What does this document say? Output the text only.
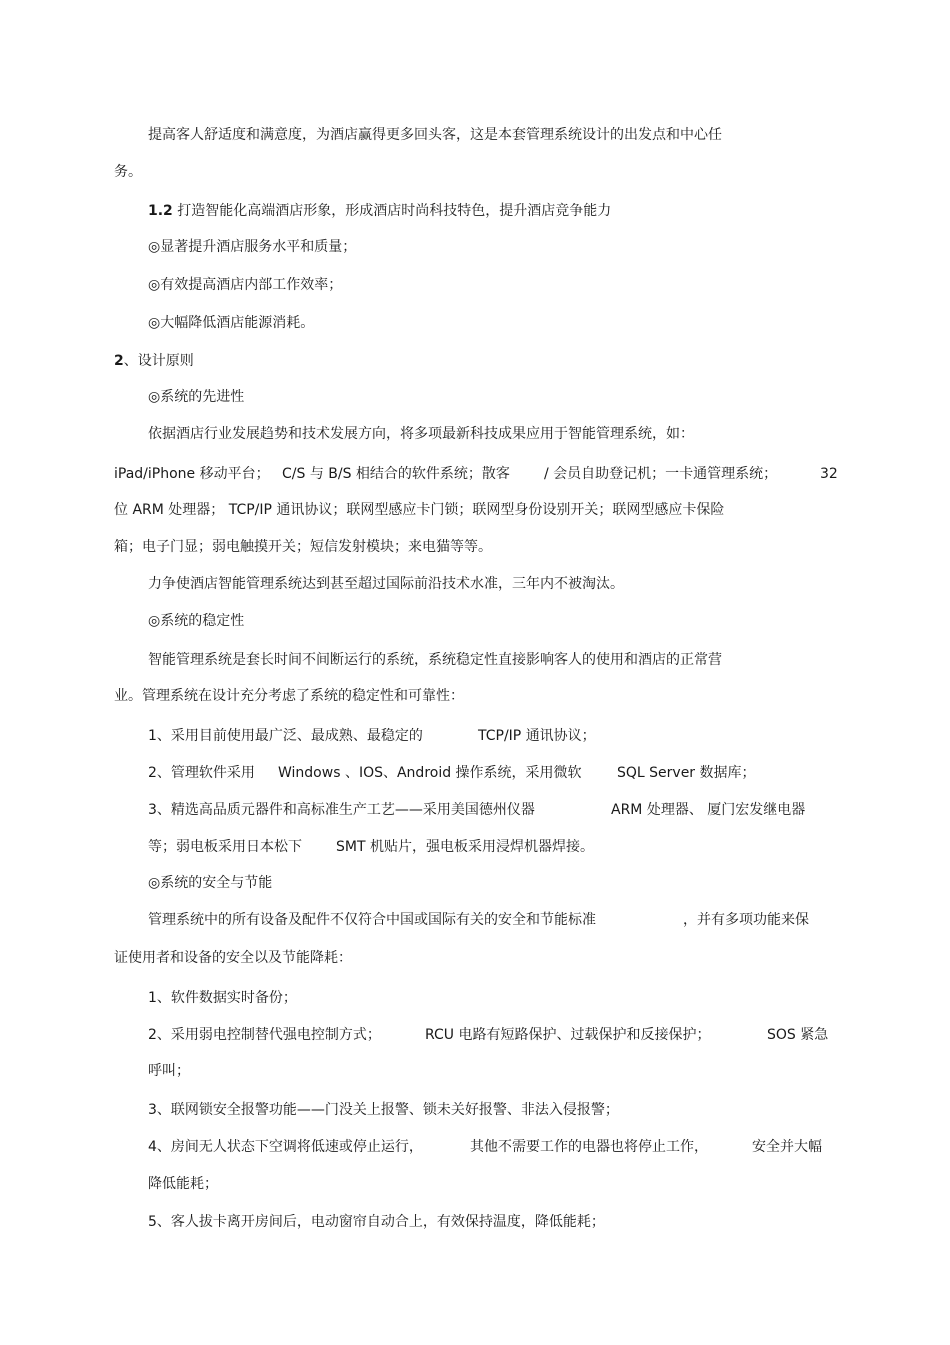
提高客人舒适度和满意度，为酒店赢得更多回头客，这是本套管理系统设计的出发点和中心任

务。

1.2 打造智能化高端酒店形象，形成酒店时尚科技特色，提升酒店竞争能力

◎显著提升酒店服务水平和质量；

◎有效提高酒店内部工作效率；

◎大幅降低酒店能源消耗。

2、设计原则

◎系统的先进性

依据酒店行业发展趋势和技术发展方向，将多项最新科技成果应用于智能管理系统，如：

iPad/iPhone 移动平台； C/S 与 B/S 相结合的软件系统；散客 / 会员自助登记机；一卡通管理系统；	32

位 ARM 处理器； TCP/IP 通讯协议；联网型感应卡门锁；联网型身份设别开关；联网型感应卡保险

箱；电子门显；弱电触摸开关；短信发射模块；来电猫等等。

力争使酒店智能管理系统达到甚至超过国际前沿技术水准，三年内不被淘汰。

◎系统的稳定性

智能管理系统是套长时间不间断运行的系统，系统稳定性直接影响客人的使用和酒店的正常营

业。管理系统在设计充分考虑了系统的稳定性和可靠性：

1、采用目前使用最广泛、最成熟、最稳定的	TCP/IP 通讯协议；

2、管理软件采用 Windows 、IOS、Android 操作系统，采用微软	SQL Server 数据库；

3、精选高品质元器件和高标准生产工艺——采用美国德州仪器	ARM 处理器、 厦门宏发继电器

等；弱电板采用日本松下 SMT 机贴片，强电板采用浸焊机器焊接。

◎系统的安全与节能

管理系统中的所有设备及配件不仅符合中国或国际有关的安全和节能标准	，并有多项功能来保

证使用者和设备的安全以及节能降耗：

1、软件数据实时备份；

2、采用弱电控制替代强电控制方式；	RCU 电路有短路保护、过载保护和反接保护；	SOS 紧急

呼叫；

3、联网锁安全报警功能——门没关上报警、锁未关好报警、非法入侵报警；

4、房间无人状态下空调将低速或停止运行，	其他不需要工作的电器也将停止工作，	安全并大幅

降低能耗；

5、客人拔卡离开房间后，电动窗帘自动合上，有效保持温度，降低能耗；
